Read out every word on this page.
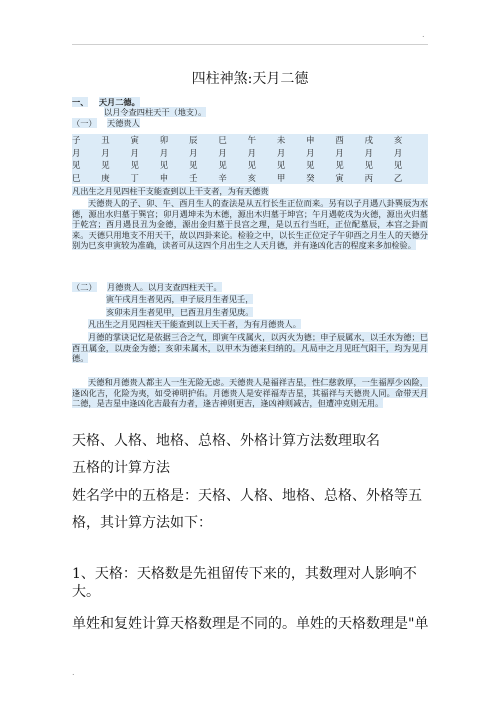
.
四柱神煞:天月二德
一、 天月二德。
以月令查四柱天干（地支）。
（一） 天德贵人
子	丑	寅	卯	辰	巳	午	未	申	酉	戌	亥
月	月	月	月	月	月	月	月	月	月	月	月
见	见	见	见	见	见	见	见	见	见	见	见
巳	庚	丁	申	壬	辛	亥	甲	癸	寅	丙	乙
凡出生之月见四柱干支能查到以上干支者，为有天德贵
天德贵人的子、卯、午、酉月生人的查法是从五行长生正位而来。另有以子月遇八卦巽辰为水德，源出水归墓于巽宫；卯月遇坤未为木德，源出木归墓于坤宫；午月遇乾戌为火德，源出火归墓于乾宫；酉月遇艮丑为金德，源出金归墓于艮宫之理，是以五行当旺，正位配墓辰，本宫之卦而来。天德只用地支不用天干，故以四卦来论。检验之中，以长生正位定子午卯酉之月生人的天德分别为巳亥申寅较为准确，读者可从这四个月出生之人天月德，并有逢凶化吉的程度来多加检验。
（二） 月德贵人。以月支查四柱天干。
寅午戌月生者见丙，申子辰月生者见壬，
亥卯未月生者见甲，巳酉丑月生者见庚。
凡出生之月见四柱天干能查到以上天干者，为有月德贵人。
月德的掌诀记忆是依据三合之气，即寅午戌属火，以丙火为德；申子辰属水，以壬水为德；巳酉丑属金，以庚金为德；亥卯未属木，以甲木为德来归纳的。凡局中之月见旺气阳干，均为见月德。
天德和月德贵人都主人一生无险无虑。天德贵人是福祥吉星，性仁慈敦厚，一生福厚少凶险，逢凶化吉，化险为夷，如受神明护佑。月德贵人是安祥福寿吉星，其福祥与天德贵人同。命带天月二德，是吉星中逢凶化吉最有力者，逢吉神则更吉，逢凶神则减吉，但遭冲克则无用。
天格、人格、地格、总格、外格计算方法数理取名
五格的计算方法
姓名学中的五格是：天格、人格、地格、总格、外格等五
格，其计算方法如下：
1、天格：天格数是先祖留传下来的，其数理对人影响不大。
单姓和复姓计算天格数理是不同的。单姓的天格数理是"单
.
